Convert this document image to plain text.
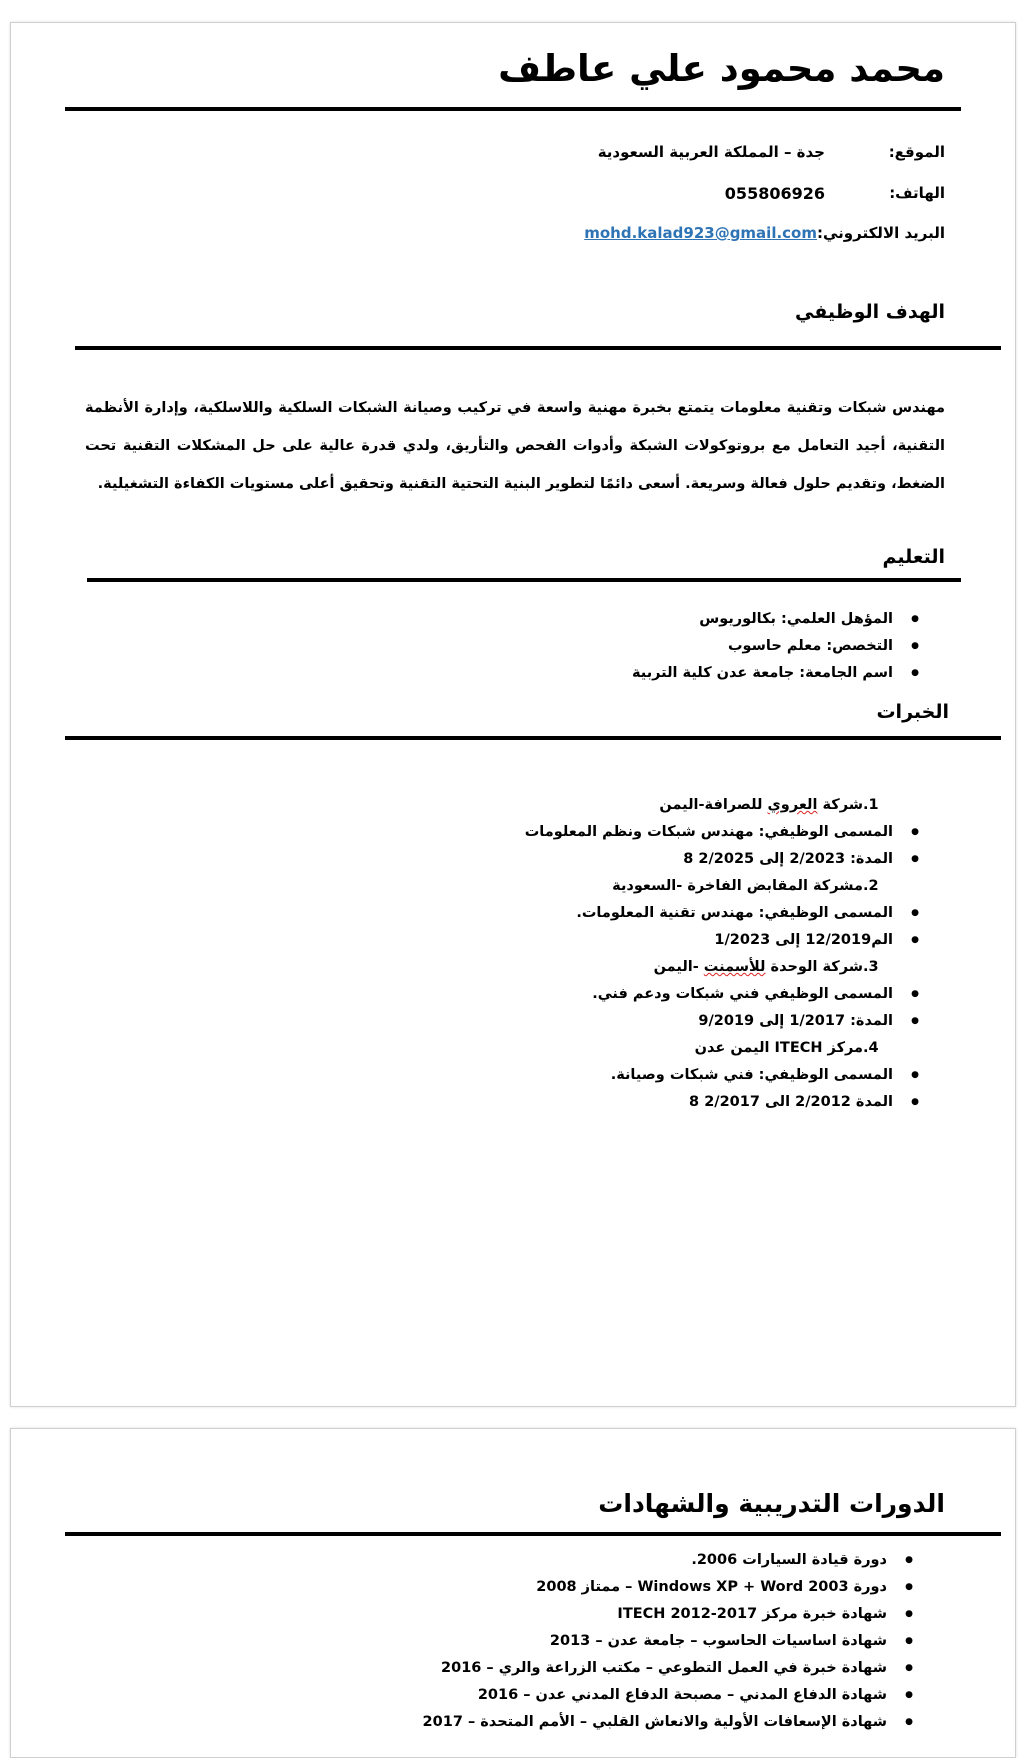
محمد محمود علي عاطف
الموقع:
جدة – المملكة العربية السعودية
الهاتف:
055806926
البريد الالكتروني:
mohd.kalad923@gmail.com
الهدف الوظيفي
مهندس شبكات وتقنية معلومات يتمتع بخبرة مهنية واسعة في تركيب وصيانة الشبكات السلكية واللاسلكية، وإدارة الأنظمة التقنية، أجيد التعامل مع بروتوكولات الشبكة وأدوات الفحص والتأريق، ولدي قدرة عالية على حل المشكلات التقنية تحت الضغط، وتقديم حلول فعالة وسريعة. أسعى دائمًا لتطوير البنية التحتية التقنية وتحقيق أعلى مستويات الكفاءة التشغيلية.
التعليم
● المؤهل العلمي: بكالوريوس
● التخصص: معلم حاسوب
● اسم الجامعة: جامعة عدن كلية التربية
الخبرات
1.شركة العروي للصرافة-اليمن
● المسمى الوظيفي: مهندس شبكات ونظم المعلومات
● المدة: 2/2023 إلى 2/2025 8
2.مشركة المقابض الفاخرة -السعودية
● المسمى الوظيفي: مهندس تقنية المعلومات.
● الم12/2019 إلى 1/2023
3.شركة الوحدة للأسمنت -اليمن
● المسمى الوظيفي فني شبكات ودعم فني.
● المدة: 1/2017 إلى 9/2019
4.مركز ITECH اليمن عدن
● المسمى الوظيفي: فني شبكات وصيانة.
● المدة 2/2012 الى 2/2017 8
الدورات التدريبية والشهادات
● دورة قيادة السيارات 2006.
● دورة Windows XP + Word 2003 – ممتاز 2008
● شهادة خبرة مركز ITECH 2012-2017
● شهادة اساسيات الحاسوب – جامعة عدن – 2013
● شهادة خبرة في العمل التطوعي – مكتب الزراعة والري – 2016
● شهادة الدفاع المدني – مصبحة الدفاع المدني عدن – 2016
● شهادة الإسعافات الأولية والانعاش القلبي – الأمم المتحدة – 2017
